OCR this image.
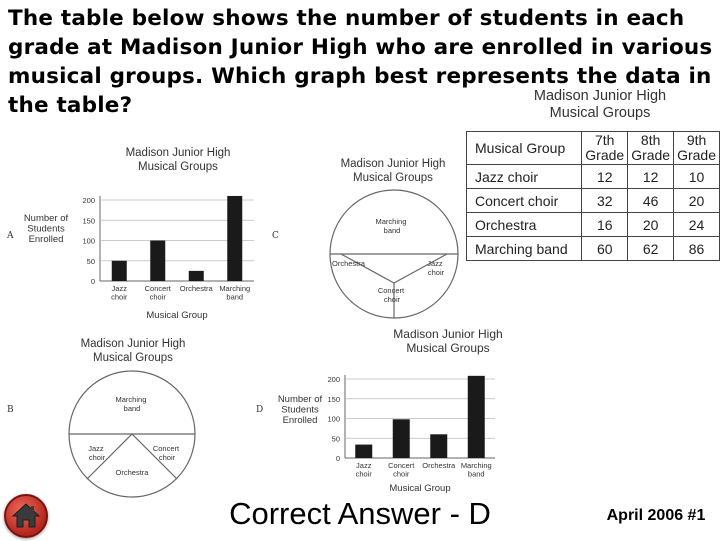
The table below shows the number of students in each
grade at Madison Junior High who are enrolled in various
musical groups. Which graph best represents the data in
the table?	Madison Junior High
Musical Groups
Musical Group	7th Grade	8th Grade	9th Grade
Jazz choir	12	12	10
Concert choir	32	46	20
Orchestra	16	20	24
Marching band	60	62	86
Madison Junior High
Musical Groups
A
0
50
100
150
200
Jazz choir
Concert choir
Orchestra Marching band
Musical Group
Number of Students Enrolled
Madison Junior High
Musical Groups
C
Marching band
Orchestra	Jazz choir
Concert choir
Madison Junior High
Musical Groups
B
Marching band
Jazz choir
Concert choir
Orchestra
Madison Junior High
Musical Groups
D
0
50
100
150
200
Jazz choir
Concert choir
Orchestra Marching band
Musical Group
Number of Students Enrolled
Correct Answer - D	April 2006 #1
